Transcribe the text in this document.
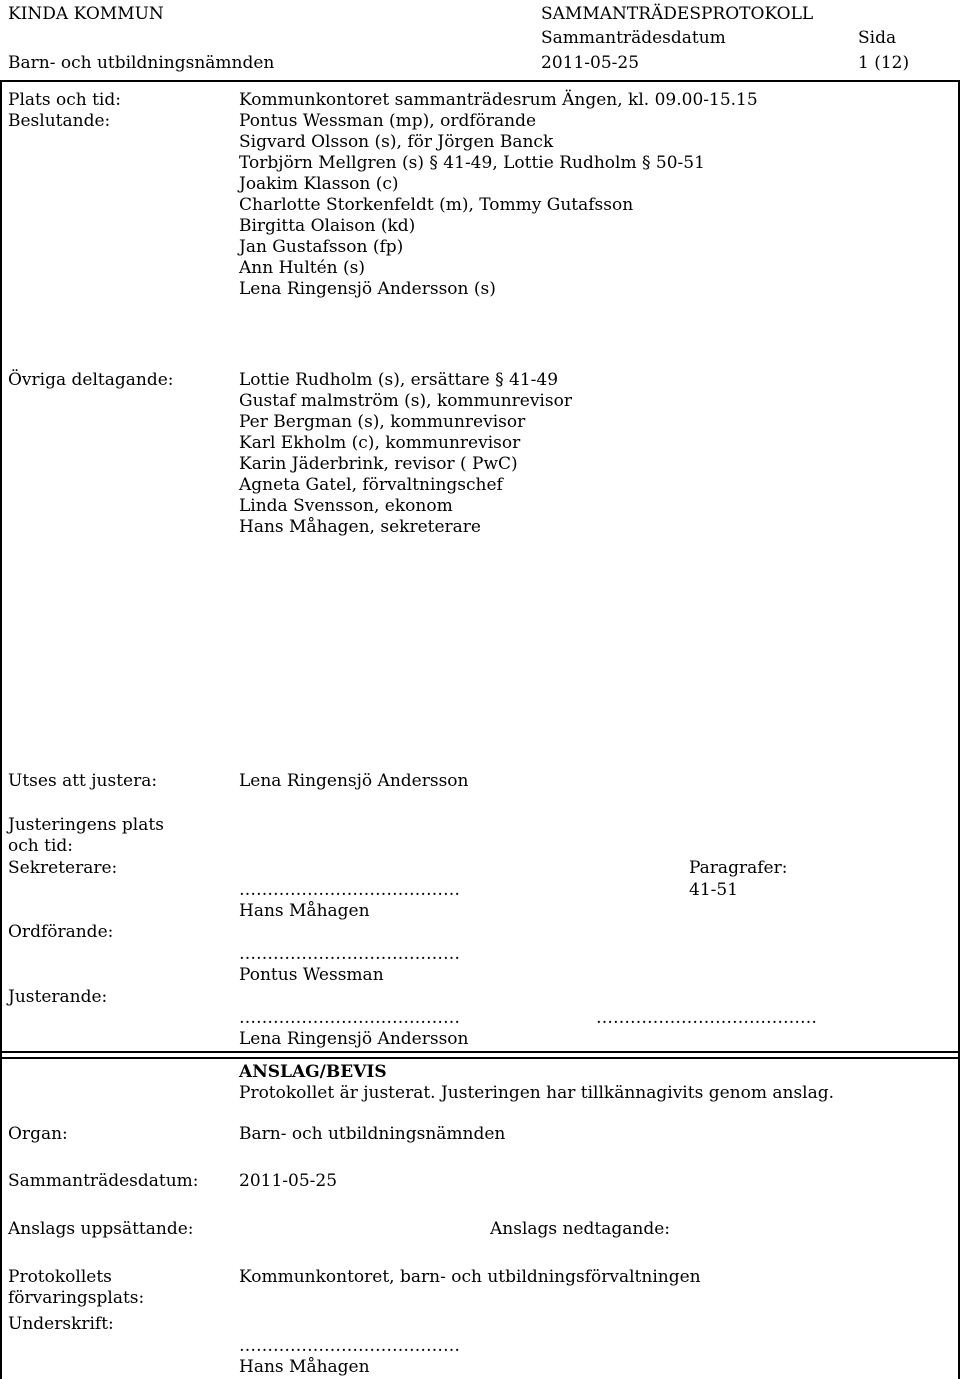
KINDA KOMMUN	SAMMANTRÄDESPROTOKOLL
Sammanträdesdatum	Sida
Barn- och utbildningsnämnden	2011-05-25	1 (12)
Plats och tid:	Kommunkontoret sammanträdesrum Ängen, kl. 09.00-15.15
Beslutande:	Pontus Wessman (mp), ordförande
Sigvard Olsson (s), för Jörgen Banck
Torbjörn Mellgren (s) § 41-49, Lottie Rudholm § 50-51
Joakim Klasson (c)
Charlotte Storkenfeldt (m), Tommy Gutafsson
Birgitta Olaison (kd)
Jan Gustafsson (fp)
Ann Hultén (s)
Lena Ringensjö Andersson (s)
Övriga deltagande:	Lottie Rudholm (s), ersättare § 41-49
Gustaf malmström (s), kommunrevisor
Per Bergman (s), kommunrevisor
Karl Ekholm (c), kommunrevisor
Karin Jäderbrink, revisor ( PwC)
Agneta Gatel, förvaltningschef
Linda Svensson, ekonom
Hans Måhagen, sekreterare
Utses att justera:	Lena Ringensjö Andersson
Justeringens plats
och tid:
Sekreterare:	Paragrafer:
…………………………………	41-51
Hans Måhagen
Ordförande:
…………………………………
Pontus Wessman
Justerande:
…………………………………	…………………………………
Lena Ringensjö Andersson
ANSLAG/BEVIS
Protokollet är justerat. Justeringen har tillkännagivits genom anslag.
Organ:	Barn- och utbildningsnämnden
Sammanträdesdatum: 2011-05-25
Anslags uppsättande:	Anslags nedtagande:
Protokollets	Kommunkontoret, barn- och utbildningsförvaltningen
förvaringsplats:
Underskrift:
…………………………………
Hans Måhagen
